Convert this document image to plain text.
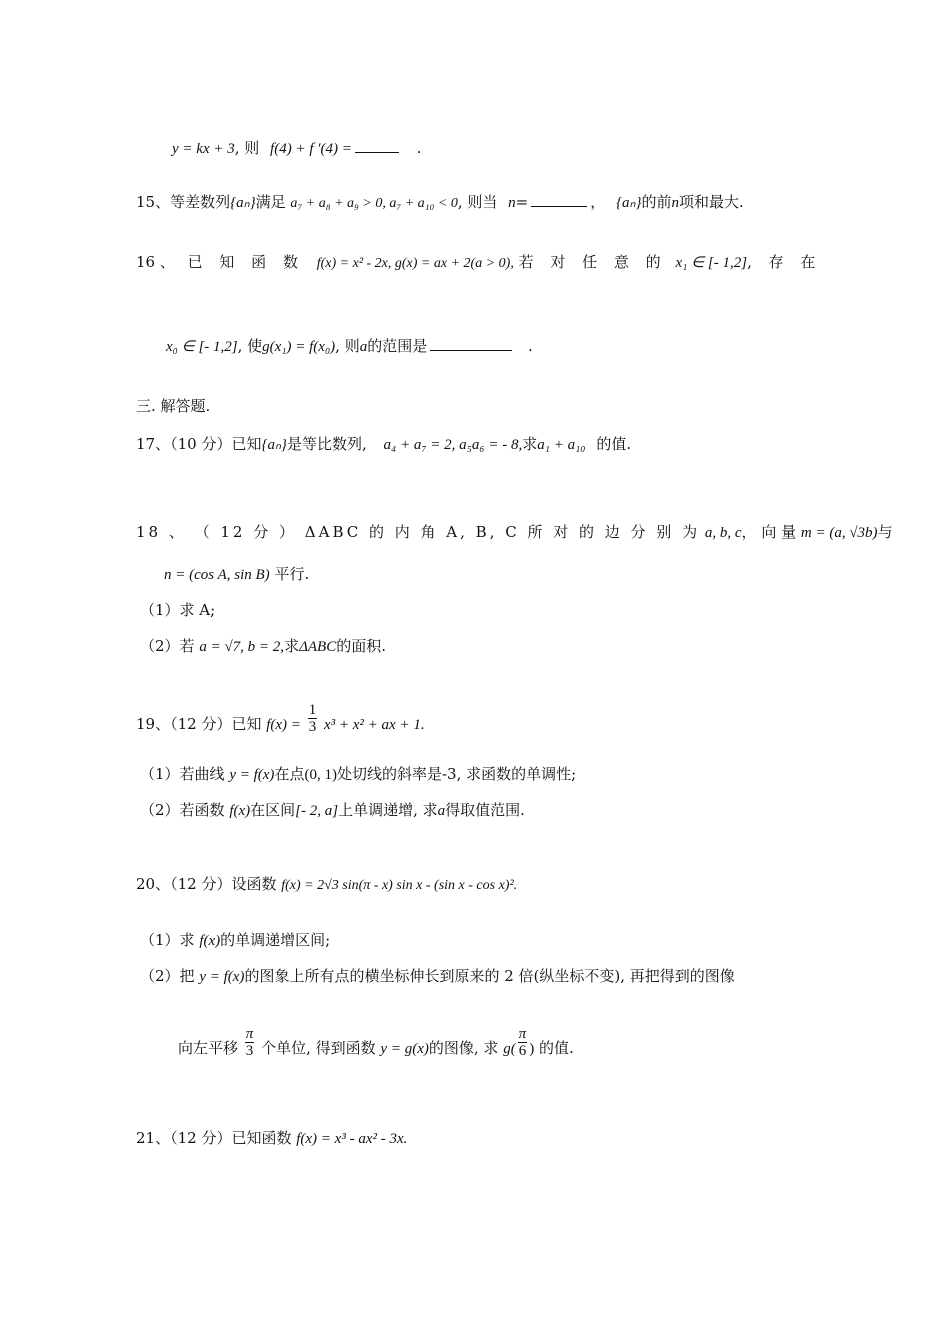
y = kx + 3, 则 f(4) + f ′(4) =	.
15、等差数列{aₙ}满足 a₇ + a₈ + a₉ > 0, a₇ + a₁₀ < 0, 则当 n=	， {aₙ}的前n项和最大.
16 、 已 知 函 数 f(x) = x² - 2x, g(x) = ax + 2(a > 0), 若 对 任 意 的 x₁ ∈ [- 1,2], 存 在
x₀ ∈ [- 1,2], 使g(x₁) = f(x₀), 则a的范围是	.
三. 解答题.
17、（10 分）已知{aₙ}是等比数列, a₄ + a₇ = 2, a₅a₆ = - 8,求a₁ + a₁₀ 的值.
18 、 （ 12 分 ） ΔABC 的 内 角 A, B, C 所 对 的 边 分 别 为 a, b, c， 向 量 m = (a, √3b)与
n = (cos A, sin B) 平行.
（1）求 A;
（2）若 a = √7, b = 2,求ΔABC的面积.
19、（12 分）已知 $f(x) = \frac{1}{3} x^3 + x^2$ + ax + 1.
（1）若曲线 y = f(x)在点(0, 1)处切线的斜率是-3, 求函数的单调性;
（2）若函数 f(x)在区间[- 2, a]上单调递增, 求a得取值范围.
20、（12 分）设函数 f(x) = 2√3 sin(π - x) sin x - (sin x - cos x)².
（1）求 f(x)的单调递增区间;
（2）把 y = f(x)的图象上所有点的横坐标伸长到原来的 2 倍(纵坐标不变), 再把得到的图像
向左平移 $\frac{\pi}{3}$ 个单位, 得到函数 y = g(x)的图像, 求 $g( \frac{\pi}{6}$ ) 的值.
21、（12 分）已知函数 f(x) = x³ - ax² - 3x.
